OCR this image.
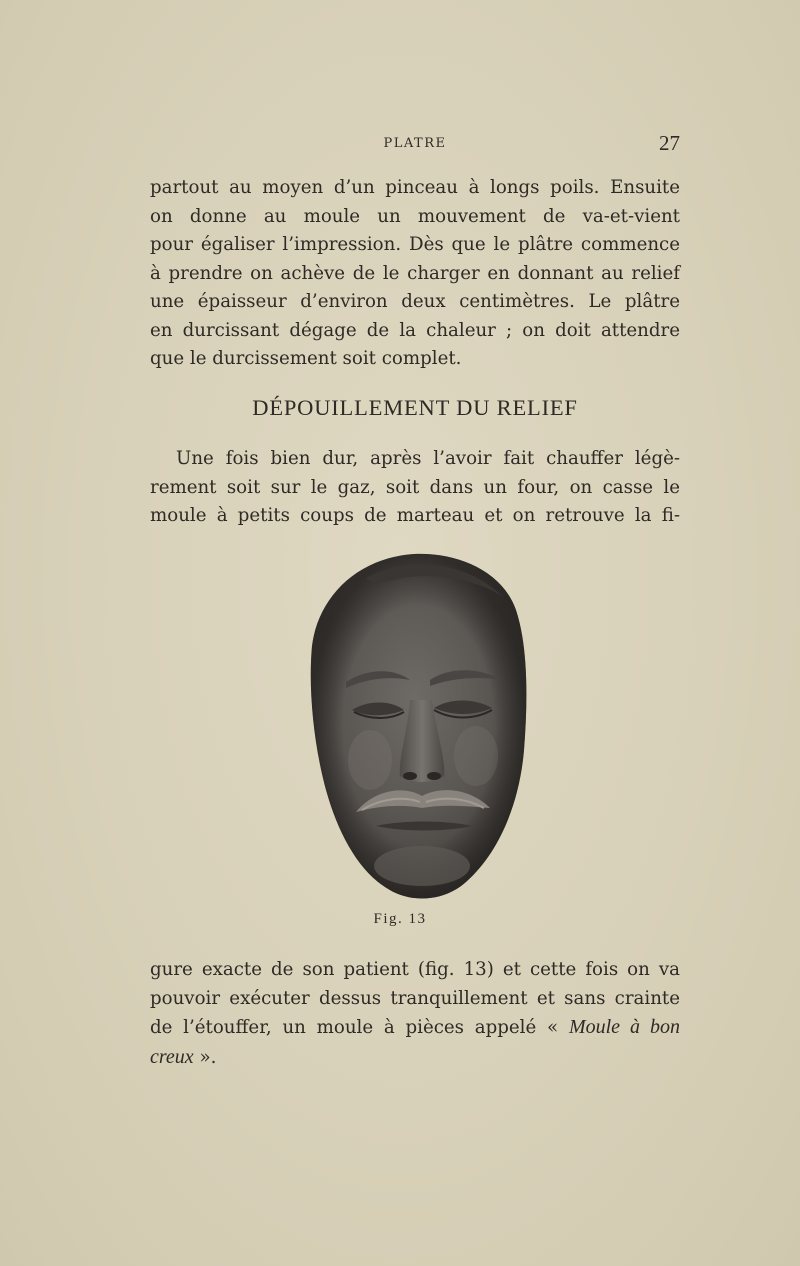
PLATRE	27

partout au moyen d’un pinceau à longs poils. Ensuite
on donne au moule un mouvement de va-et-vient
pour égaliser l’impression. Dès que le plâtre commence
à prendre on achève de le charger en donnant au relief
une épaisseur d’environ deux centimètres. Le plâtre
en durcissant dégage de la chaleur ; on doit attendre
que le durcissement soit complet.

DÉPOUILLEMENT DU RELIEF

Une fois bien dur, après l’avoir fait chauffer légè-
rement soit sur le gaz, soit dans un four, on casse le
moule à petits coups de marteau et on retrouve la fi-

Fig. 13

gure exacte de son patient (fig. 13) et cette fois on va
pouvoir exécuter dessus tranquillement et sans crainte
de l’étouffer, un moule à pièces appelé « Moule à bon
creux ».
